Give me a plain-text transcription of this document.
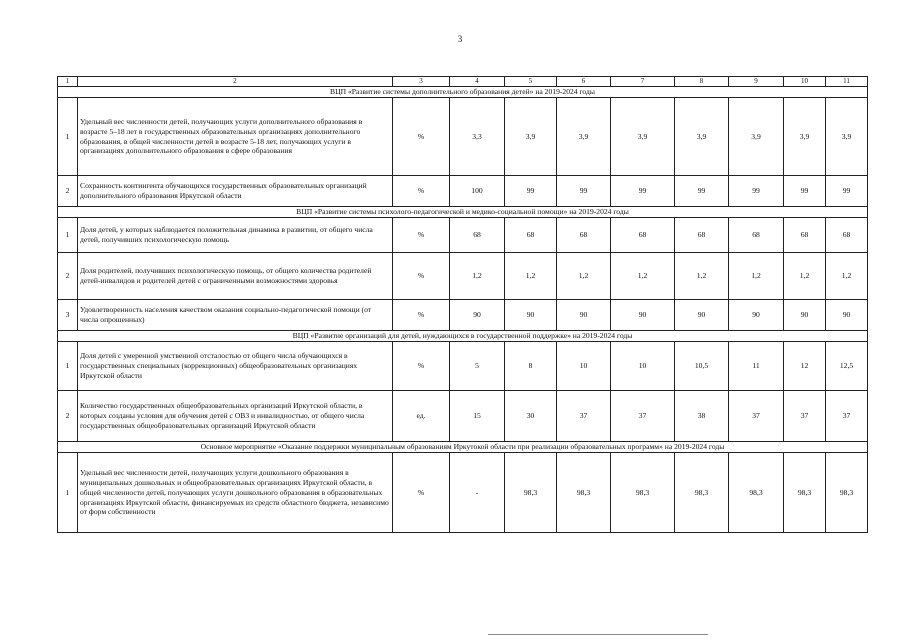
3
1	2	3	4	5	6	7	8	9	10	11
ВЦП «Развитие системы дополнительного образования детей» на 2019-2024 годы										
1	Удельный вес численности детей, получающих услуги дополнительного образования в возрасте 5–18 лет в государственных образовательных организациях дополнительного образования, в общей численности детей в возрасте 5-18 лет, получающих услуги в организациях дополнительного образования в сфере образования	%	3,3	3,9	3,9	3,9	3,9	3,9	3,9	3,9
2	Сохранность контингента обучающихся государственных образовательных организаций дополнительного образования Иркутской области	%	100	99	99	99	99	99	99	99
ВЦП «Развитие системы психолого-педагогической и медико-социальной помощи» на 2019-2024 годы										
1	Доля детей, у которых наблюдается положительная динамика в развитии, от общего числа детей, получивших психологическую помощь	%	68	68	68	68	68	68	68	68
2	Доля родителей, получивших психологическую помощь, от общего количества родителей детей-инвалидов и родителей детей с ограниченными возможностями здоровья	%	1,2	1,2	1,2	1,2	1,2	1,2	1,2	1,2
3	Удовлетворенность населения качеством оказания социально-педагогической помощи (от числа опрошенных)	%	90	90	90	90	90	90	90	90
ВЦП «Развитие организаций для детей, нуждающихся в государственной поддержке» на 2019-2024 годы										
1	Доля детей с умеренной умственной отсталостью от общего числа обучающихся в государственных специальных (коррекционных) общеобразовательных организациях Иркутской области	%	5	8	10	10	10,5	11	12	12,5
2	Количество государственных общеобразовательных организаций Иркутской области, в которых созданы условия для обучения детей с ОВЗ и инвалидностью, от общего числа государственных общеобразовательных организаций Иркутской области	ед.	15	30	37	37	38	37	37	37
Основное мероприятие «Оказание поддержки муниципальным образованиям Иркутокой области при реализации образовательных программ» на 2019-2024 годы										
1	Удельный вес численности детей, получающих услуги дошкольного образования в муниципальных дошкольных и общеобразовательных организациях Иркутской области, в общей численности детей, получающих услуги дошкольного образования в образовательных организациях Иркутской области, финансируемых из средств областного бюджета, независимо от форм собственности	%	-	98,3	98,3	98,3	98,3	98,3	98,3	98,3
